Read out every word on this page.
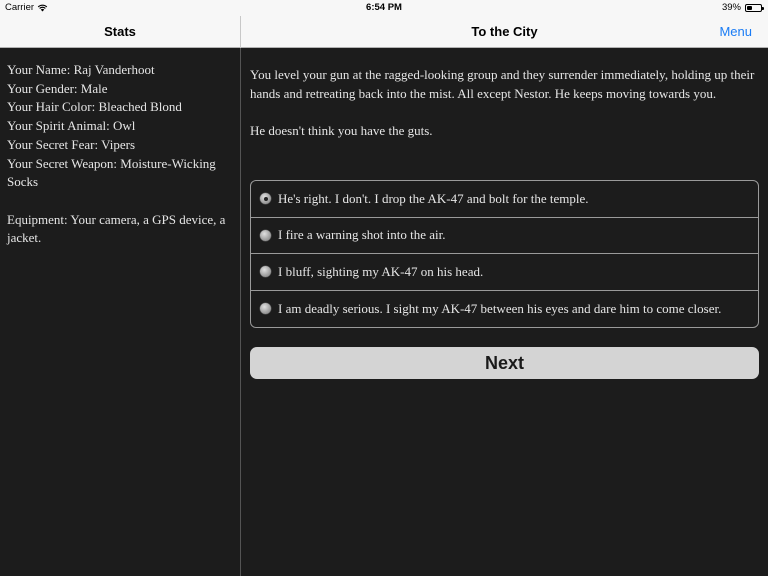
Carrier	6:54 PM	39%
Stats	To the City	Menu
Your Name: Raj Vanderhoot
Your Gender: Male
Your Hair Color: Bleached Blond
Your Spirit Animal: Owl
Your Secret Fear: Vipers
Your Secret Weapon: Moisture-Wicking Socks
Equipment: Your camera, a GPS device, a jacket.

You level your gun at the ragged-looking group and they surrender immediately, holding up their hands and retreating back into the mist. All except Nestor. He keeps moving towards you.

He doesn't think you have the guts.

He's right. I don't. I drop the AK-47 and bolt for the temple.
I fire a warning shot into the air.
I bluff, sighting my AK-47 on his head.
I am deadly serious. I sight my AK-47 between his eyes and dare him to come closer.
Next
